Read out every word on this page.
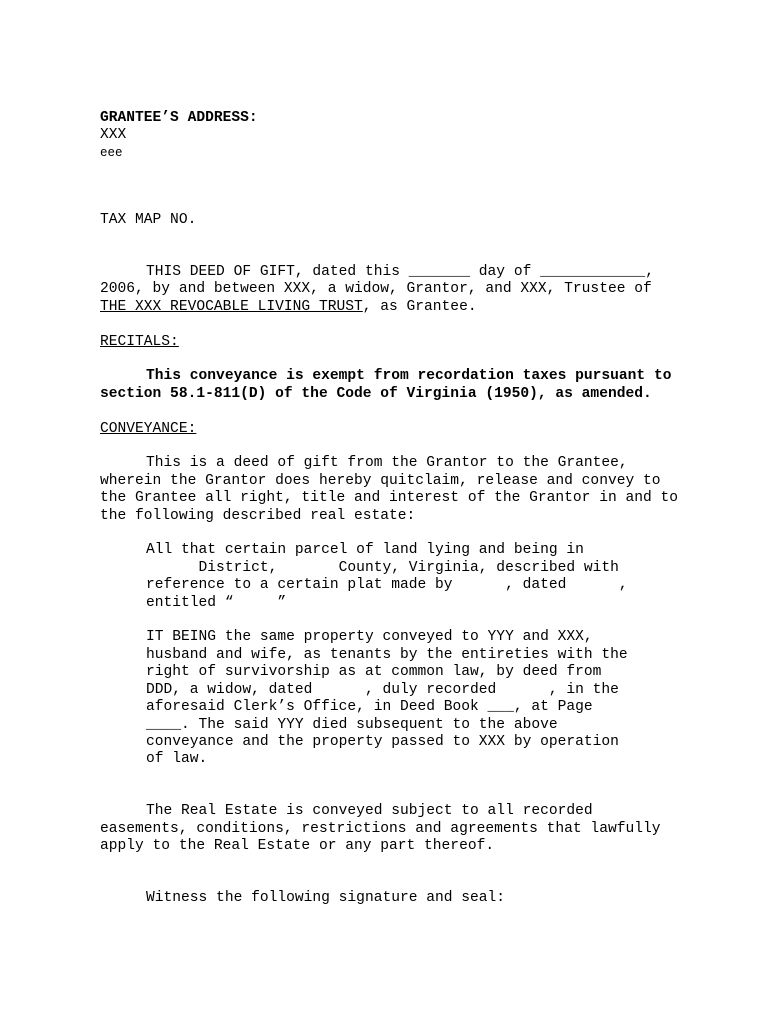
GRANTEE’S ADDRESS:
XXX
eee
TAX MAP NO.
THIS DEED OF GIFT, dated this _______ day of ____________,
2006, by and between XXX, a widow, Grantor, and XXX, Trustee of
THE XXX REVOCABLE LIVING TRUST, as Grantee.
RECITALS:
This conveyance is exempt from recordation taxes pursuant to
section 58.1-811(D) of the Code of Virginia (1950), as amended.
CONVEYANCE:
This is a deed of gift from the Grantor to the Grantee,
wherein the Grantor does hereby quitclaim, release and convey to
the Grantee all right, title and interest of the Grantor in and to
the following described real estate:
All that certain parcel of land lying and being in
District,       County, Virginia, described with
reference to a certain plat made by      , dated      ,
entitled “     ”
IT BEING the same property conveyed to YYY and XXX,
husband and wife, as tenants by the entireties with the
right of survivorship as at common law, by deed from
DDD, a widow, dated      , duly recorded      , in the
aforesaid Clerk’s Office, in Deed Book ___, at Page
____. The said YYY died subsequent to the above
conveyance and the property passed to XXX by operation
of law.
The Real Estate is conveyed subject to all recorded
easements, conditions, restrictions and agreements that lawfully
apply to the Real Estate or any part thereof.
Witness the following signature and seal:
